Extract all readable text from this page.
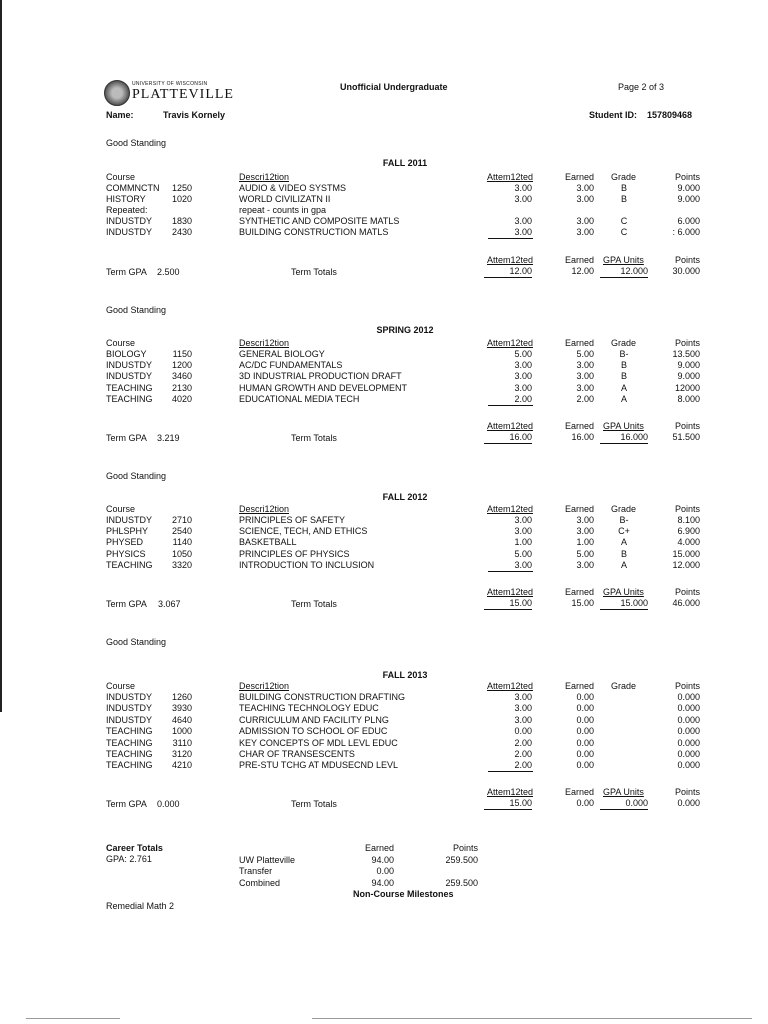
UNIVERSITY OF WISCONSIN
PLATTEVILLE	Unofficial Undergraduate	Page 2 of 3
Name:	Travis Kornely	Student ID: 157809468
Good Standing
FALL 2011
Course	Descri12tion	Attem12ted	Earned Grade	Points
COMMNCTN	1250	AUDIO & VIDEO SYSTMS	3.00	3.00	B	9.000
HISTORY	1020	WORLD CIVILIZATN II	3.00	3.00	B	9.000
Repeated:	repeat - counts in gpa
INDUSTDY	1830	SYNTHETIC AND COMPOSITE MATLS	3.00	3.00	C	6.000
INDUSTDY	2430	BUILDING CONSTRUCTION MATLS	3.00	3.00	C	: 6.000
Attem12ted	Earned GPA Units	Points
Term GPA 2.500	Term Totals	12.00	12.00	12.000	30.000
Good Standing
SPRING 2012
Course	Descri12tion	Attem12ted	Earned Grade	Points
BIOLOGY	1150	GENERAL BIOLOGY	5.00	5.00	B-	13.500
INDUSTDY	1200	AC/DC FUNDAMENTALS	3.00	3.00	B	9.000
INDUSTDY	3460	3D INDUSTRIAL PRODUCTION DRAFT	3.00	3.00	B	9.000
TEACHING	2130	HUMAN GROWTH AND DEVELOPMENT	3.00	3.00	A	12000
TEACHING	4020	EDUCATIONAL MEDIA TECH	2.00	2.00	A	8.000
Attem12ted	Earned GPA Units	Points
Term GPA 3.219	Term Totals	16.00	16.00	16.000	51.500
Good Standing
FALL 2012
Course	Descri12tion	Attem12ted	Earned Grade	Points
INDUSTDY	2710	PRINCIPLES OF SAFETY	3.00	3.00	B-	8.100
PHLSPHY	2540	SCIENCE, TECH, AND ETHICS	3.00	3.00	C+	6.900
PHYSED	1140	BASKETBALL	1.00	1.00	A	4.000
PHYSICS	1050	PRINCIPLES OF PHYSICS	5.00	5.00	B	15.000
TEACHING	3320	INTRODUCTION TO INCLUSION	3.00	3.00	A	12.000
Attem12ted	Earned GPA Units	Points
Term GPA 3.067	Term Totals	15.00	15.00	15.000	46.000
Good Standing
FALL 2013
Course	Descri12tion	Attem12ted	Earned Grade	Points
INDUSTDY	1260	BUILDING CONSTRUCTION DRAFTING	3.00	0.00	0.000
INDUSTDY	3930	TEACHING TECHNOLOGY EDUC	3.00	0.00	0.000
INDUSTDY	4640	CURRICULUM AND FACILITY PLNG	3.00	0.00	0.000
TEACHING	1000	ADMISSION TO SCHOOL OF EDUC	0.00	0.00	0.000
TEACHING	3110	KEY CONCEPTS OF MDL LEVL EDUC	2.00	0.00	0.000
TEACHING	3120	CHAR OF TRANSESCENTS	2.00	0.00	0.000
TEACHING	4210	PRE-STU TCHG AT MDUSECND LEVL	2.00	0.00	0.000
Attem12ted	Earned GPA Units	Points
Term GPA 0.000	Term Totals	15.00	0.00	0.000	0.000
Career Totals
GPA: 2.761
Earned	Points
UW Platteville	94.00	259.500
Transfer	0.00
Combined	94.00	259.500
Non-Course Milestones
Remedial Math 2
